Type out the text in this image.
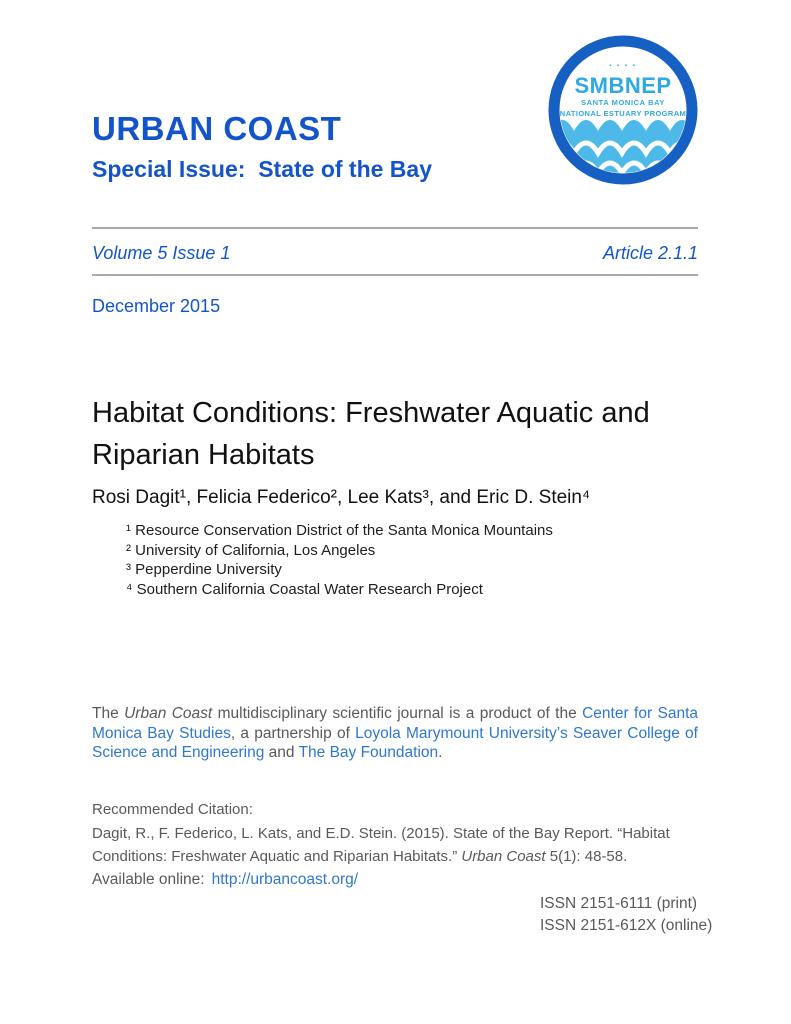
URBAN COAST
Special Issue:  State of the Bay
▪ ▪ ▪ ▪
SMBNEP
SANTA MONICA BAY
NATIONAL ESTUARY PROGRAM
Volume 5 Issue 1	Article 2.1.1
December 2015
Habitat Conditions: Freshwater Aquatic and Riparian Habitats
Rosi Dagit¹, Felicia Federico², Lee Kats³, and Eric D. Stein⁴
¹ Resource Conservation District of the Santa Monica Mountains
² University of California, Los Angeles
³ Pepperdine University
⁴ Southern California Coastal Water Research Project

The Urban Coast multidisciplinary scientific journal is a product of the Center for Santa Monica Bay Studies, a partnership of Loyola Marymount University’s Seaver College of Science and Engineering and The Bay Foundation.

Recommended Citation:
Dagit, R., F. Federico, L. Kats, and E.D. Stein. (2015). State of the Bay Report. “Habitat Conditions: Freshwater Aquatic and Riparian Habitats.” Urban Coast 5(1): 48-58.
Available online: http://urbancoast.org/
ISSN 2151-6111 (print)
ISSN 2151-612X (online)
